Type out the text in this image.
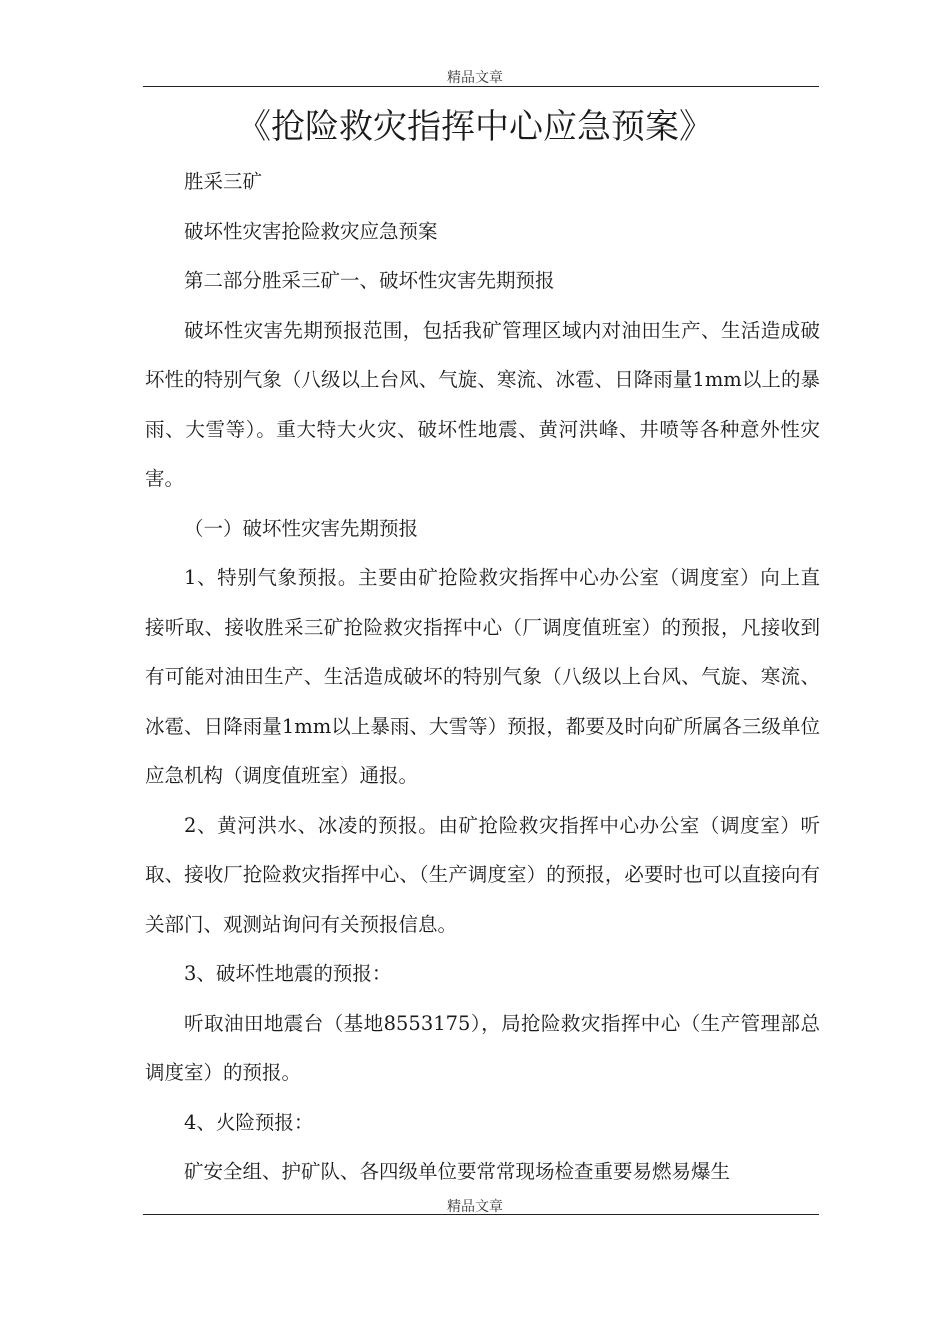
精品文章
《抢险救灾指挥中心应急预案》

胜采三矿

破坏性灾害抢险救灾应急预案

第二部分胜采三矿一、破坏性灾害先期预报

破坏性灾害先期预报范围，包括我矿管理区域内对油田生产、生活造成破坏性的特别气象（八级以上台风、气旋、寒流、冰雹、日降雨量1mm以上的暴雨、大雪等）。重大特大火灾、破坏性地震、黄河洪峰、井喷等各种意外性灾害。

（一）破坏性灾害先期预报

1、特别气象预报。主要由矿抢险救灾指挥中心办公室（调度室）向上直接听取、接收胜采三矿抢险救灾指挥中心（厂调度值班室）的预报，凡接收到有可能对油田生产、生活造成破坏的特别气象（八级以上台风、气旋、寒流、冰雹、日降雨量1mm以上暴雨、大雪等）预报，都要及时向矿所属各三级单位应急机构（调度值班室）通报。

2、黄河洪水、冰凌的预报。由矿抢险救灾指挥中心办公室（调度室）听取、接收厂抢险救灾指挥中心、（生产调度室）的预报，必要时也可以直接向有关部门、观测站询问有关预报信息。

3、破坏性地震的预报：

听取油田地震台（基地8553175），局抢险救灾指挥中心（生产管理部总调度室）的预报。

4、火险预报：

矿安全组、护矿队、各四级单位要常常现场检查重要易燃易爆生

精品文章
